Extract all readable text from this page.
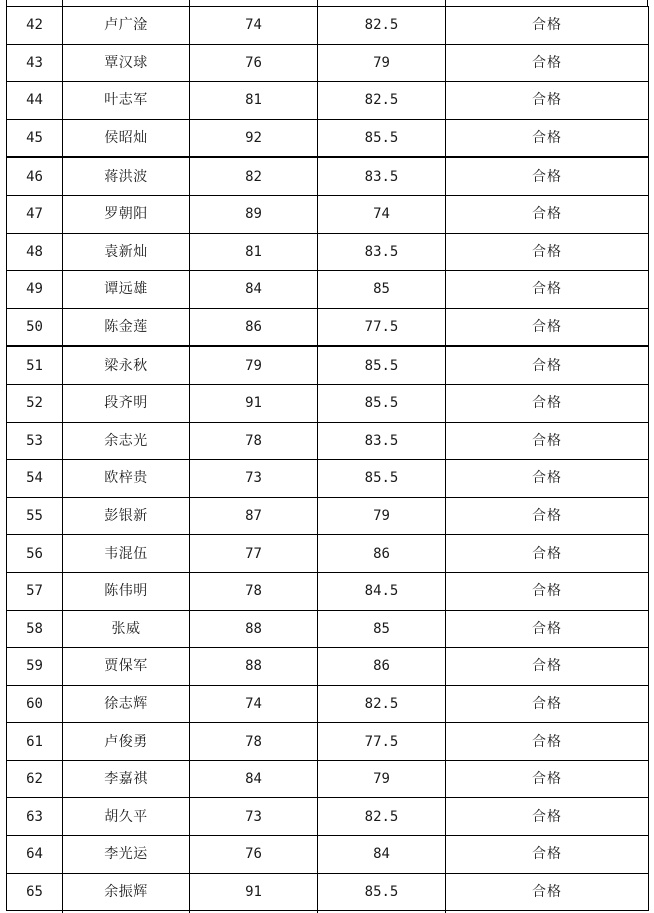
42	卢广淦	74	82.5	合格
43	覃汉球	76	79	合格
44	叶志军	81	82.5	合格
45	侯昭灿	92	85.5	合格
46	蒋洪波	82	83.5	合格
47	罗朝阳	89	74	合格
48	袁新灿	81	83.5	合格
49	谭远雄	84	85	合格
50	陈金莲	86	77.5	合格
51	梁永秋	79	85.5	合格
52	段齐明	91	85.5	合格
53	余志光	78	83.5	合格
54	欧梓贵	73	85.5	合格
55	彭银新	87	79	合格
56	韦混伍	77	86	合格
57	陈伟明	78	84.5	合格
58	张威	88	85	合格
59	贾保军	88	86	合格
60	徐志辉	74	82.5	合格
61	卢俊勇	78	77.5	合格
62	李嘉祺	84	79	合格
63	胡久平	73	82.5	合格
64	李光运	76	84	合格
65	余振辉	91	85.5	合格
